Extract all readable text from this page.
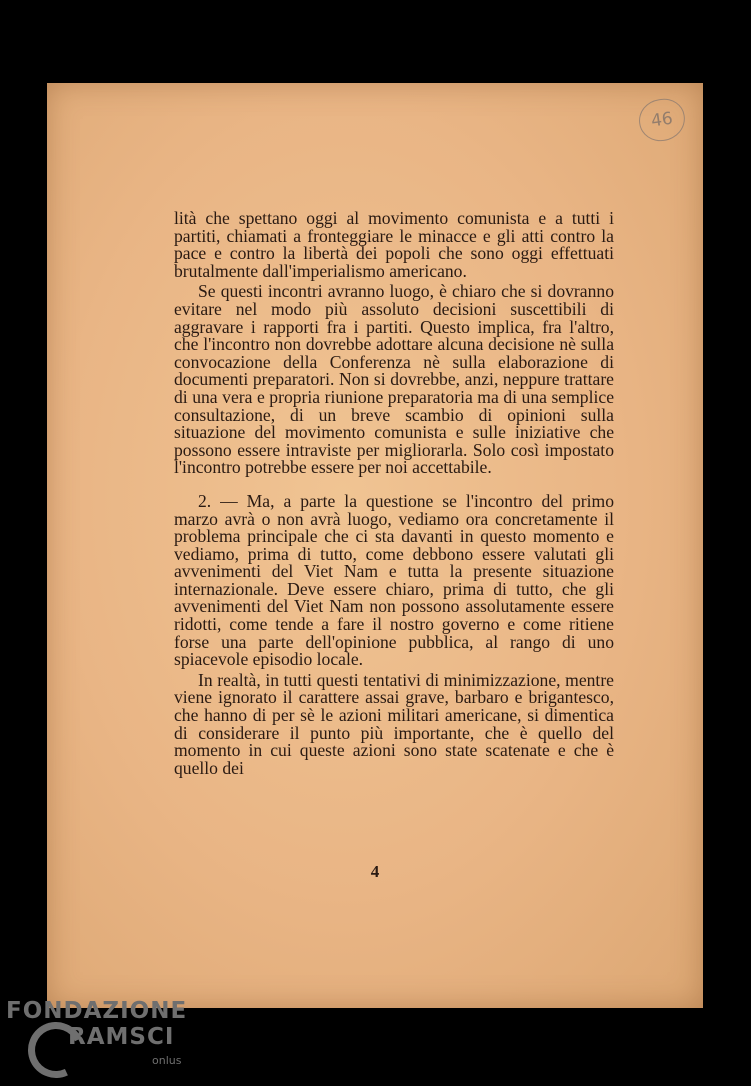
46

lità che spettano oggi al movimento comunista e a tutti i partiti, chiamati a fronteggiare le minacce e gli atti contro la pace e contro la libertà dei popoli che sono oggi effettuati brutalmente dall'imperialismo americano.

Se questi incontri avranno luogo, è chiaro che si dovranno evitare nel modo più assoluto decisioni suscettibili di aggravare i rapporti fra i partiti. Questo implica, fra l'altro, che l'incontro non dovrebbe adottare alcuna decisione nè sulla convocazione della Conferenza nè sulla elaborazione di documenti preparatori. Non si dovrebbe, anzi, neppure trattare di una vera e propria riunione preparatoria ma di una semplice consultazione, di un breve scambio di opinioni sulla situazione del movimento comunista e sulle iniziative che possono essere intraviste per migliorarla. Solo così impostato l'incontro potrebbe essere per noi accettabile.

2. — Ma, a parte la questione se l'incontro del primo marzo avrà o non avrà luogo, vediamo ora concretamente il problema principale che ci sta davanti in questo momento e vediamo, prima di tutto, come debbono essere valutati gli avvenimenti del Viet Nam e tutta la presente situazione internazionale. Deve essere chiaro, prima di tutto, che gli avvenimenti del Viet Nam non possono assolutamente essere ridotti, come tende a fare il nostro governo e come ritiene forse una parte dell'opinione pubblica, al rango di uno spiacevole episodio locale.

In realtà, in tutti questi tentativi di minimizzazione, mentre viene ignorato il carattere assai grave, barbaro e brigantesco, che hanno di per sè le azioni militari americane, si dimentica di considerare il punto più importante, che è quello del momento in cui queste azioni sono state scatenate e che è quello dei

4
FONDAZIONE
RAMSCI
onlus
